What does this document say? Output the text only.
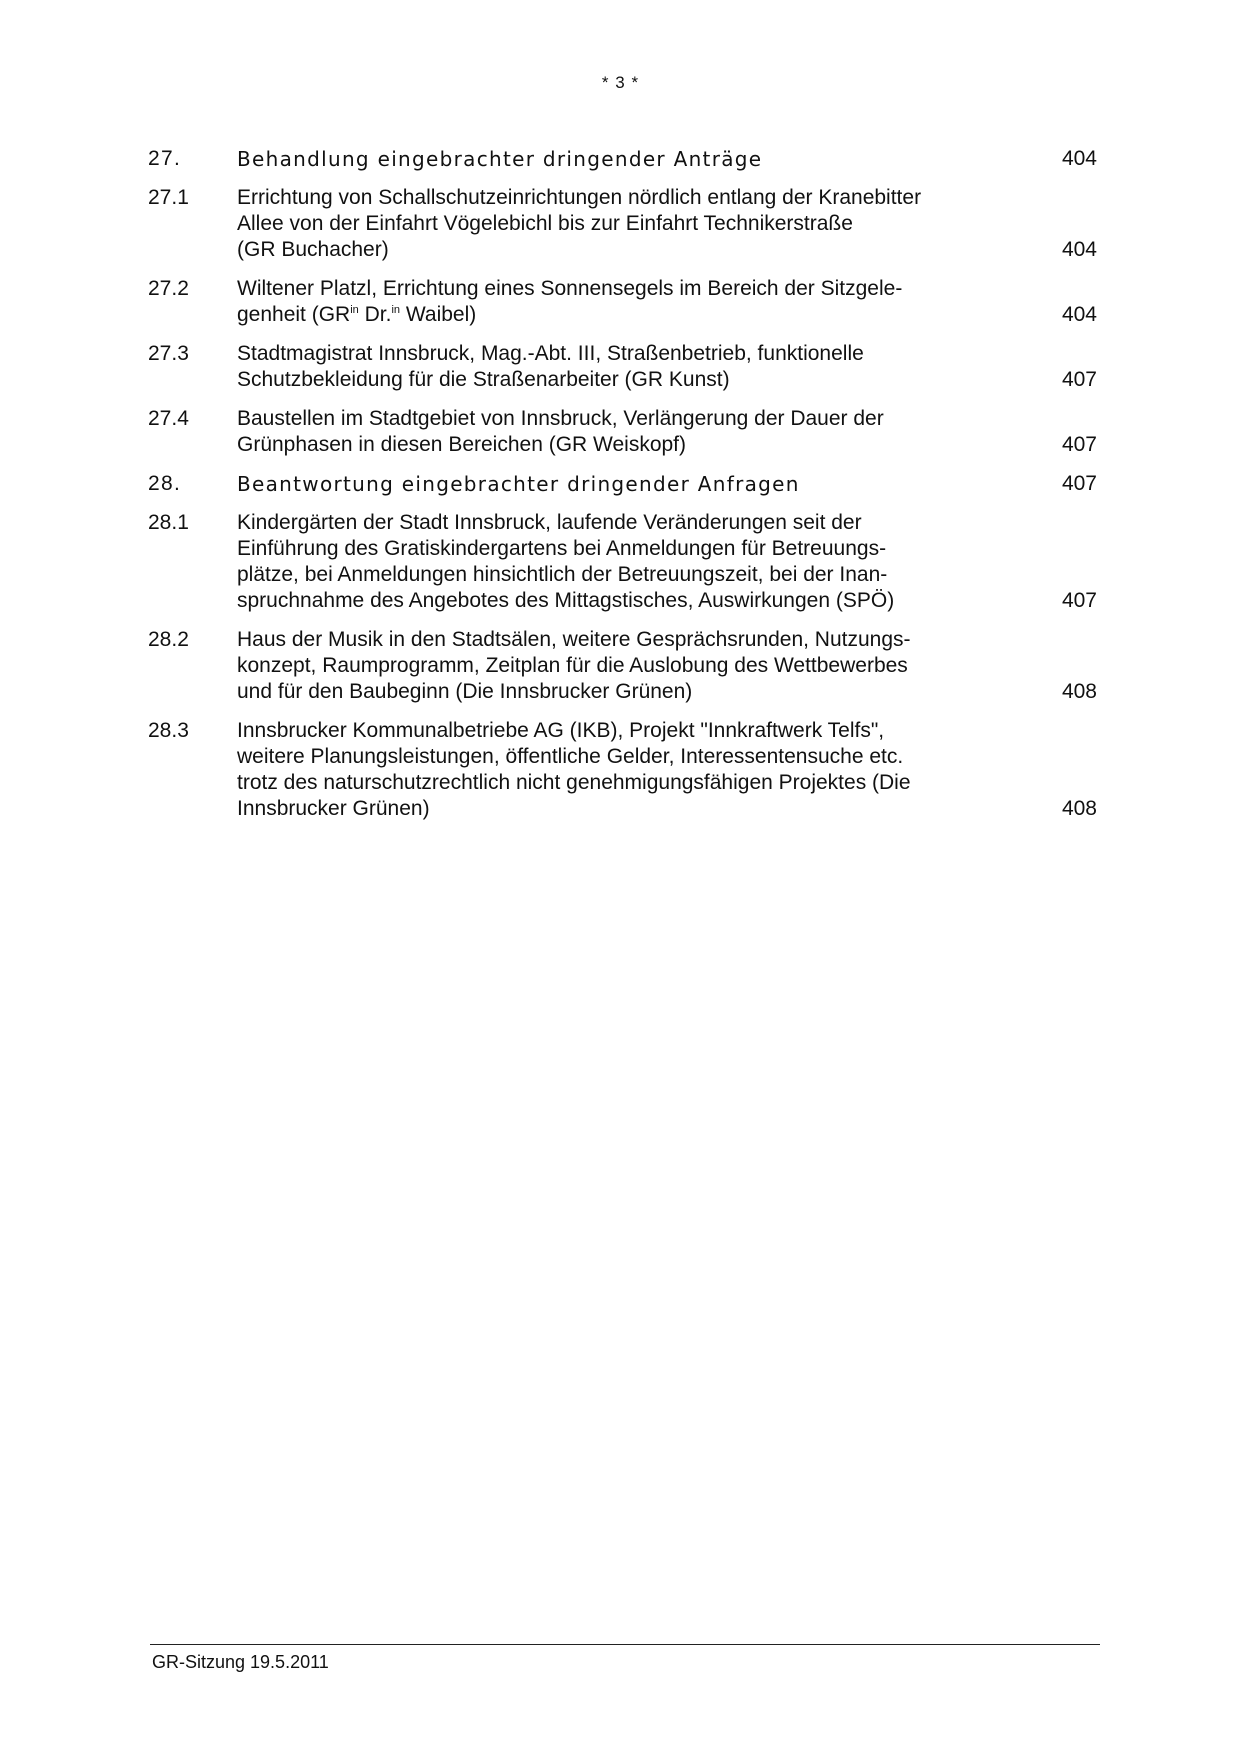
* 3 *
27.	Behandlung eingebrachter dringender Anträge	404
27.1 Errichtung von Schallschutzeinrichtungen nördlich entlang der Kranebitter
Allee von der Einfahrt Vögelebichl bis zur Einfahrt Technikerstraße
(GR Buchacher)	404
27.2 Wiltener Platzl, Errichtung eines Sonnensegels im Bereich der Sitzgele-
genheit ($GR^{in}$ Dr.$^{in}$ Waibel)	404
27.3 Stadtmagistrat Innsbruck, Mag.-Abt. III, Straßenbetrieb, funktionelle
Schutzbekleidung für die Straßenarbeiter (GR Kunst)	407
27.4 Baustellen im Stadtgebiet von Innsbruck, Verlängerung der Dauer der
Grünphasen in diesen Bereichen (GR Weiskopf)	407
28.	Beantwortung eingebrachter dringender Anfragen	407
28.1 Kindergärten der Stadt Innsbruck, laufende Veränderungen seit der
Einführung des Gratiskindergartens bei Anmeldungen für Betreuungs-
plätze, bei Anmeldungen hinsichtlich der Betreuungszeit, bei der Inan-
spruchnahme des Angebotes des Mittagstisches, Auswirkungen (SPÖ)	407
28.2 Haus der Musik in den Stadtsälen, weitere Gesprächsrunden, Nutzungs-
konzept, Raumprogramm, Zeitplan für die Auslobung des Wettbewerbes
und für den Baubeginn (Die Innsbrucker Grünen)	408
28.3 Innsbrucker Kommunalbetriebe AG (IKB), Projekt "Innkraftwerk Telfs",
weitere Planungsleistungen, öffentliche Gelder, Interessentensuche etc.
trotz des naturschutzrechtlich nicht genehmigungsfähigen Projektes (Die
Innsbrucker Grünen)	408
GR-Sitzung 19.5.2011
